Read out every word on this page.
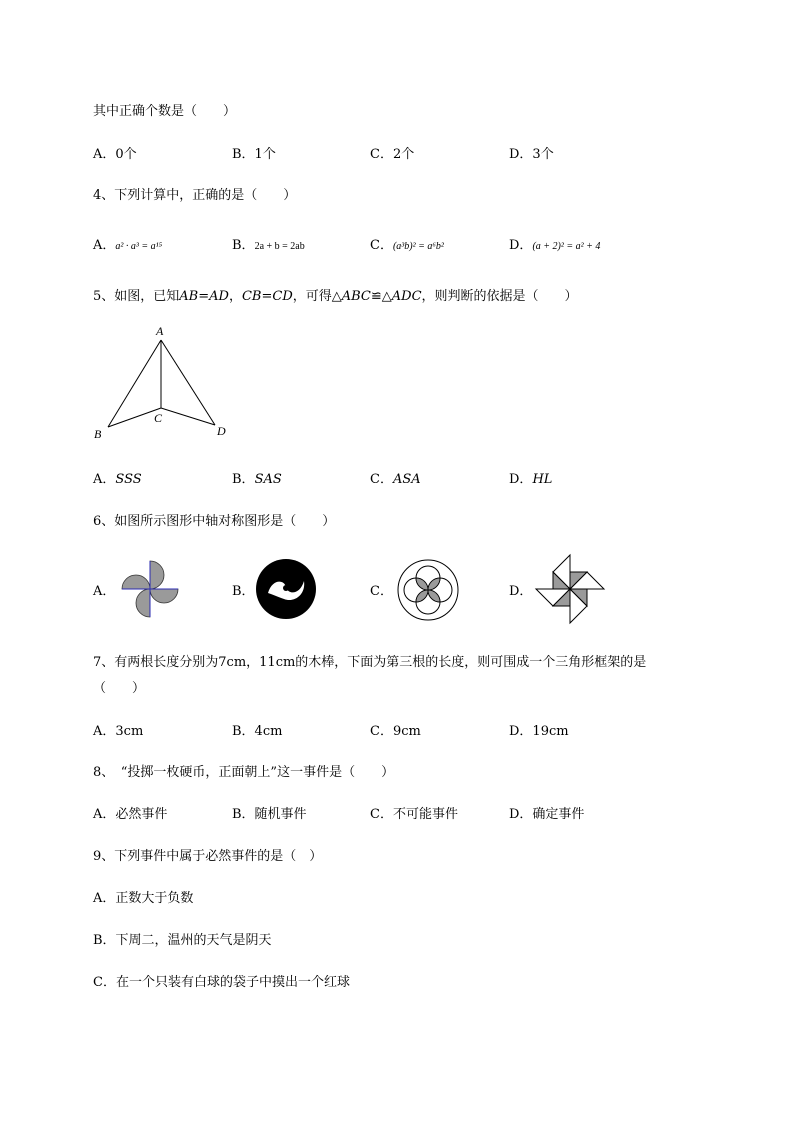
其中正确个数是（　　）
A．0个	B．1个	C．2个	D．3个
4、下列计算中，正确的是（　　）
A．a² · a³ = a¹⁵	B．2a + b = 2ab	C．(a³b)² = a⁶b²	D．(a + 2)² = a² + 4
5、如图，已知AB=AD，CB=CD，可得△ABC≌△ADC，则判断的依据是（　　）
A
B
C
D
A．SSS	B．SAS	C．ASA	D．HL
6、如图所示图形中轴对称图形是（　　）
A．	B．	C．	D．
7、有两根长度分别为7cm，11cm的木棒，下面为第三根的长度，则可围成一个三角形框架的是
（　　）
A．3cm	B．4cm	C．9cm	D．19cm
8、　“投掷一枚硬币，正面朝上”这一事件是（　　）
A．必然事件	B．随机事件	C．不可能事件	D．确定事件
9、下列事件中属于必然事件的是（　）
A．正数大于负数
B．下周二，温州的天气是阴天
C．在一个只装有白球的袋子中摸出一个红球
